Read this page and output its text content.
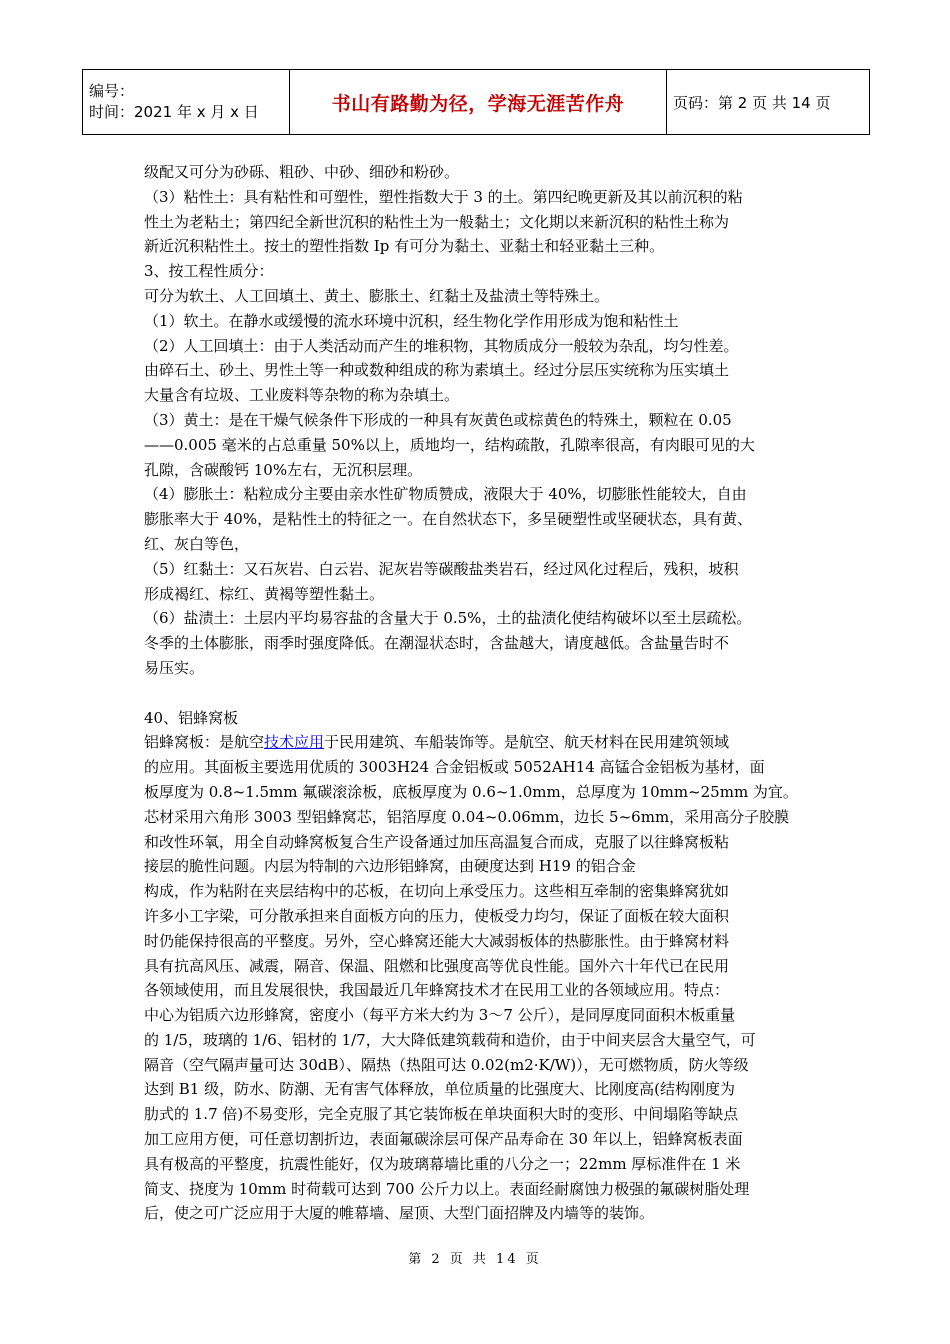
编号：
时间：2021 年 x 月 x 日	书山有路勤为径，学海无涯苦作舟	页码：第 2 页 共 14 页

级配又可分为砂砾、粗砂、中砂、细砂和粉砂。

（3）粘性土：具有粘性和可塑性，塑性指数大于 3 的土。第四纪晚更新及其以前沉积的粘

性土为老粘土；第四纪全新世沉积的粘性土为一般黏土；文化期以来新沉积的粘性土称为

新近沉积粘性土。按土的塑性指数 Ip 有可分为黏土、亚黏土和轻亚黏土三种。

3、按工程性质分：

可分为软土、人工回填土、黄土、膨胀土、红黏土及盐渍土等特殊土。

（1）软土。在静水或缓慢的流水环境中沉积，经生物化学作用形成为饱和粘性土

（2）人工回填土：由于人类活动而产生的堆积物，其物质成分一般较为杂乱，均匀性差。

由碎石土、砂土、男性土等一种或数种组成的称为素填土。经过分层压实统称为压实填土

大量含有垃圾、工业废料等杂物的称为杂填土。

（3）黄土：是在干燥气候条件下形成的一种具有灰黄色或棕黄色的特殊土，颗粒在 0.05

——0.005 毫米的占总重量 50%以上，质地均一，结构疏散，孔隙率很高，有肉眼可见的大

孔隙，含碳酸钙 10%左右，无沉积层理。

（4）膨胀土：粘粒成分主要由亲水性矿物质赞成，液限大于 40%，切膨胀性能较大，自由

膨胀率大于 40%，是粘性土的特征之一。在自然状态下，多呈硬塑性或坚硬状态，具有黄、

红、灰白等色，

（5）红黏土：又石灰岩、白云岩、泥灰岩等碳酸盐类岩石，经过风化过程后，残积，坡积

形成褐红、棕红、黄褐等塑性黏土。

（6）盐渍土：土层内平均易容盐的含量大于 0.5%，土的盐渍化使结构破坏以至土层疏松。

冬季的土体膨胀，雨季时强度降低。在潮湿状态时，含盐越大，请度越低。含盐量告时不

易压实。

40、铝蜂窝板

铝蜂窝板：是航空技术应用于民用建筑、车船装饰等。是航空、航天材料在民用建筑领域

的应用。其面板主要选用优质的 3003H24 合金铝板或 5052AH14 高锰合金铝板为基材，面

板厚度为 0.8~1.5mm 氟碳滚涂板，底板厚度为 0.6~1.0mm，总厚度为 10mm~25mm 为宜。

芯材采用六角形 3003 型铝蜂窝芯，铝箔厚度 0.04~0.06mm，边长 5~6mm，采用高分子胶膜

和改性环氧，用全自动蜂窝板复合生产设备通过加压高温复合而成，克服了以往蜂窝板粘

接层的脆性问题。内层为特制的六边形铝蜂窝，由硬度达到 H19 的铝合金

构成，作为粘附在夹层结构中的芯板，在切向上承受压力。这些相互牵制的密集蜂窝犹如

许多小工字梁，可分散承担来自面板方向的压力，使板受力均匀，保证了面板在较大面积

时仍能保持很高的平整度。另外，空心蜂窝还能大大减弱板体的热膨胀性。由于蜂窝材料

具有抗高风压、减震，隔音、保温、阻燃和比强度高等优良性能。国外六十年代已在民用

各领域使用，而且发展很快，我国最近几年蜂窝技术才在民用工业的各领域应用。特点：

中心为铝质六边形蜂窝，密度小（每平方米大约为 3～7 公斤），是同厚度同面积木板重量

的 1/5，玻璃的 1/6、铝材的 1/7，大大降低建筑载荷和造价，由于中间夹层含大量空气，可

隔音（空气隔声量可达 30dB）、隔热（热阻可达 0.02(m2·K/W)），无可燃物质，防火等级

达到 B1 级，防水、防潮、无有害气体释放，单位质量的比强度大、比刚度高(结构刚度为

肋式的 1.7 倍)不易变形，完全克服了其它装饰板在单块面积大时的变形、中间塌陷等缺点

加工应用方便，可任意切割折边，表面氟碳涂层可保产品寿命在 30 年以上，铝蜂窝板表面

具有极高的平整度，抗震性能好，仅为玻璃幕墙比重的八分之一；22mm 厚标准件在 1 米

简支、挠度为 10mm 时荷载可达到 700 公斤力以上。表面经耐腐蚀力极强的氟碳树脂处理

后，使之可广泛应用于大厦的帷幕墙、屋顶、大型门面招牌及内墙等的装饰。

第 2 页 共 14 页
